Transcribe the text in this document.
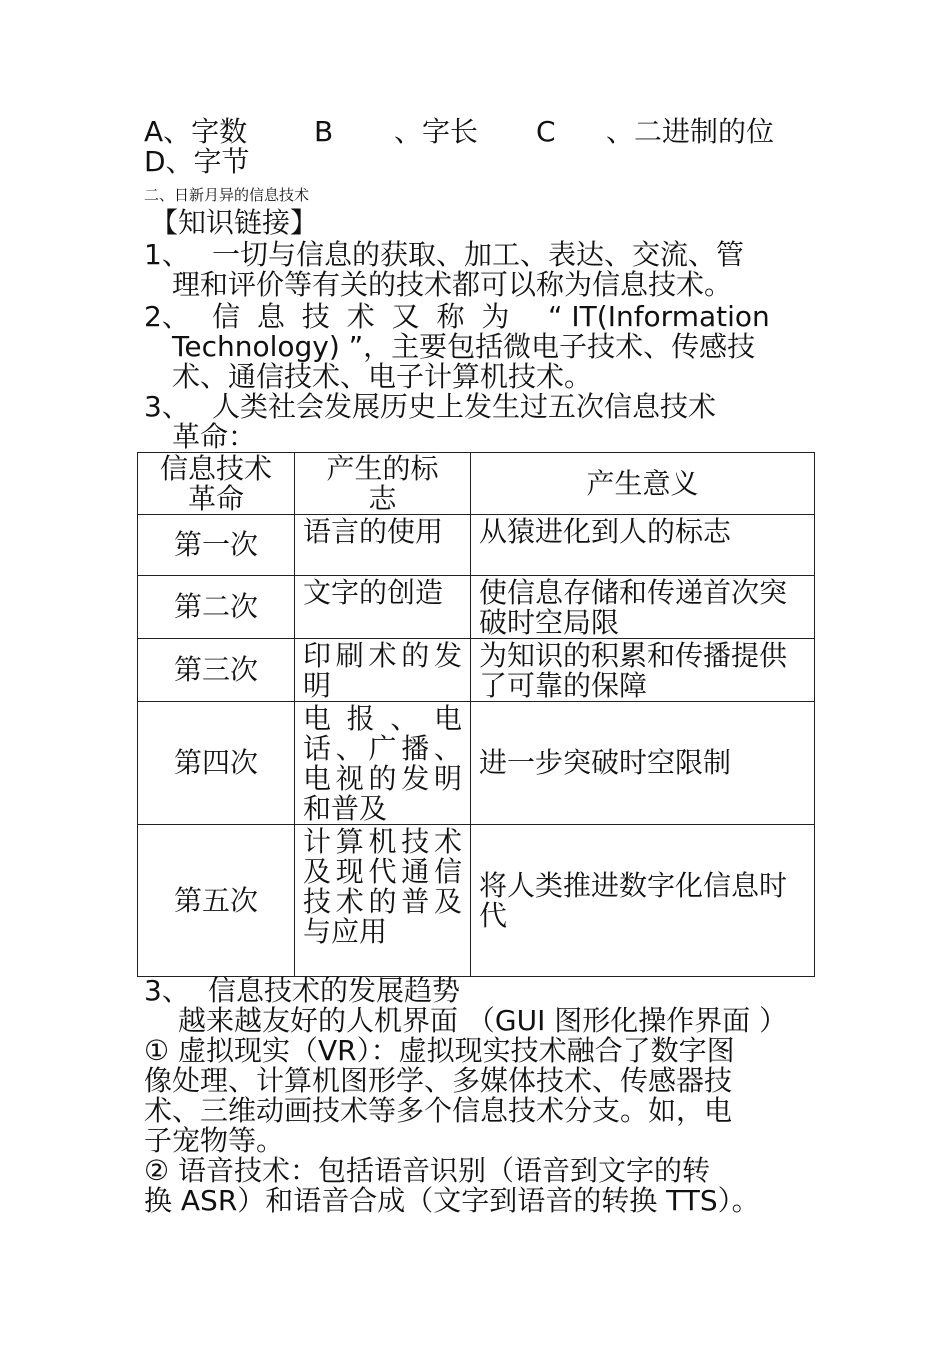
A、字数 B 、字长 C 、二进制的位
D、字节
二、日新月异的信息技术
【知识链接】
1、 一切与信息的获取、加工、表达、交流、管
理和评价等有关的技术都可以称为信息技术。
2、 信 息 技 术 又 称 为 “ IT(Information
Technology) ”，主要包括微电子技术、传感技
术、通信技术、电子计算机技术。
3、 人类社会发展历史上发生过五次信息技术
革命：
信息技术革命	产生的标志	产生意义
第一次	语言的使用	从猿进化到人的标志
第二次	文字的创造	使信息存储和传递首次突破时空局限
第三次	印刷术的发明	为知识的积累和传播提供了可靠的保障
第四次	电报、电话、广播、电视的发明和普及	进一步突破时空限制
第五次	计算机技术及现代通信技术的普及与应用	将人类推进数字化信息时代
3、 信息技术的发展趋势
越来越友好的人机界面 （GUI 图形化操作界面 ）
① 虚拟现实（VR）：虚拟现实技术融合了数字图
像处理、计算机图形学、多媒体技术、传感器技
术、三维动画技术等多个信息技术分支。如，电
子宠物等。
② 语音技术：包括语音识别（语音到文字的转
换 ASR）和语音合成（文字到语音的转换 TTS）。
